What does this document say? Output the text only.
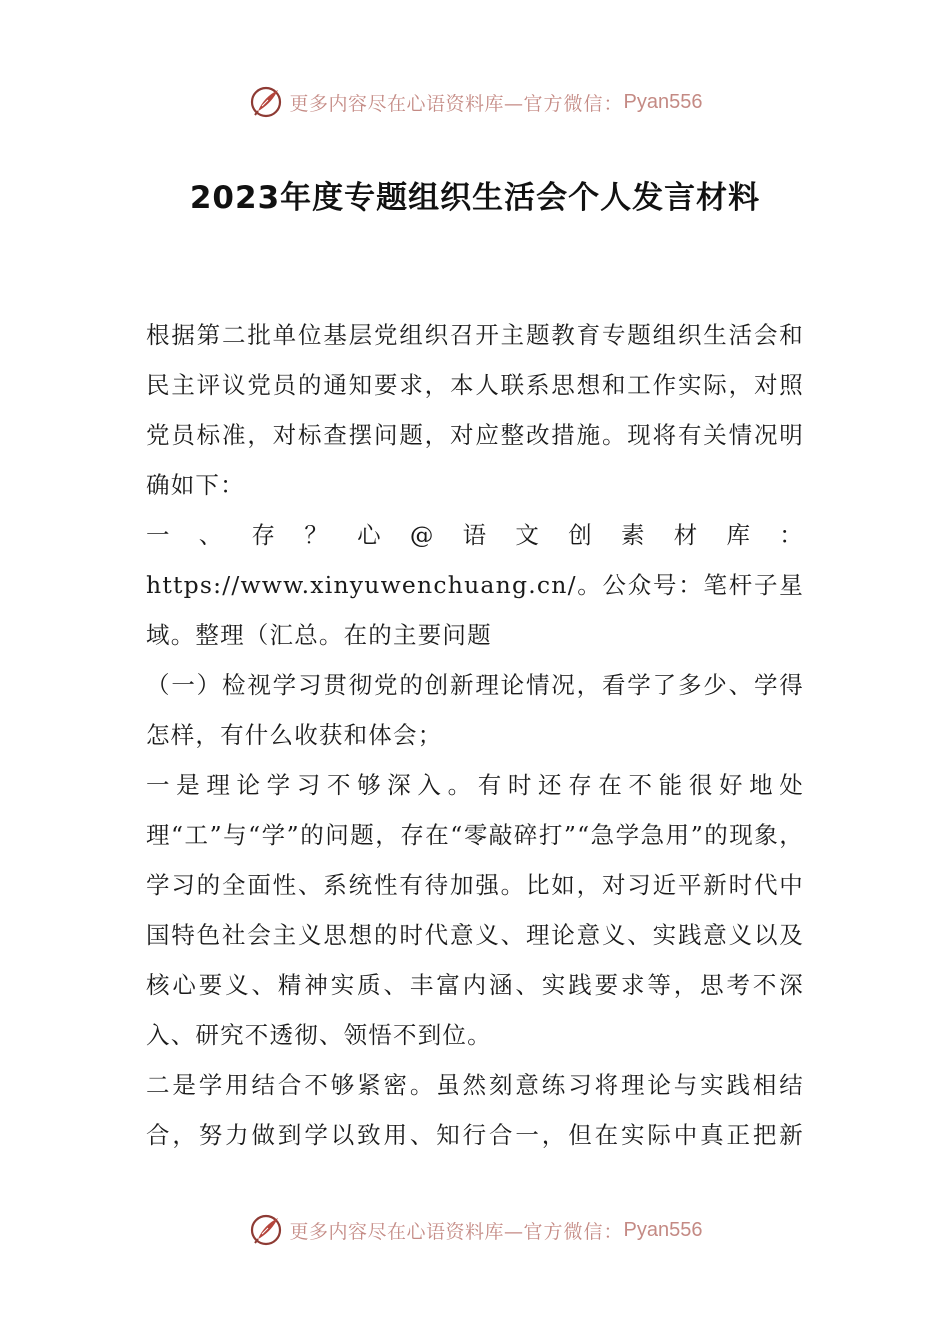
更多内容尽在心语资料库— 官方微信： Pyan556
2023年度专题组织生活会个人发言材料

根据第二批单位基层党组织召开主题教育专题组织生活会和民主评议党员的通知要求，本人联系思想和工作实际，对照党员标准，对标查摆问题，对应整改措施。现将有关情况明确如下：

一、存？心@语文创素材库：https://www.xinyuwenchuang.cn/。公众号：笔杆子星域。整理（汇总。在的主要问题

（一）检视学习贯彻党的创新理论情况，看学了多少、学得怎样，有什么收获和体会；

一是理论学习不够深入。有时还存在不能很好地处理“工”与“学”的问题，存在“零敲碎打”“急学急用”的现象，学习的全面性、系统性有待加强。比如，对习近平新时代中国特色社会主义思想的时代意义、理论意义、实践意义以及核心要义、精神实质、丰富内涵、实践要求等，思考不深入、研究不透彻、领悟不到位。

二是学用结合不够紧密。虽然刻意练习将理论与实践相结合，努力做到学以致用、知行合一，但在实际中真正把新

更多内容尽在心语资料库— 官方微信： Pyan556
